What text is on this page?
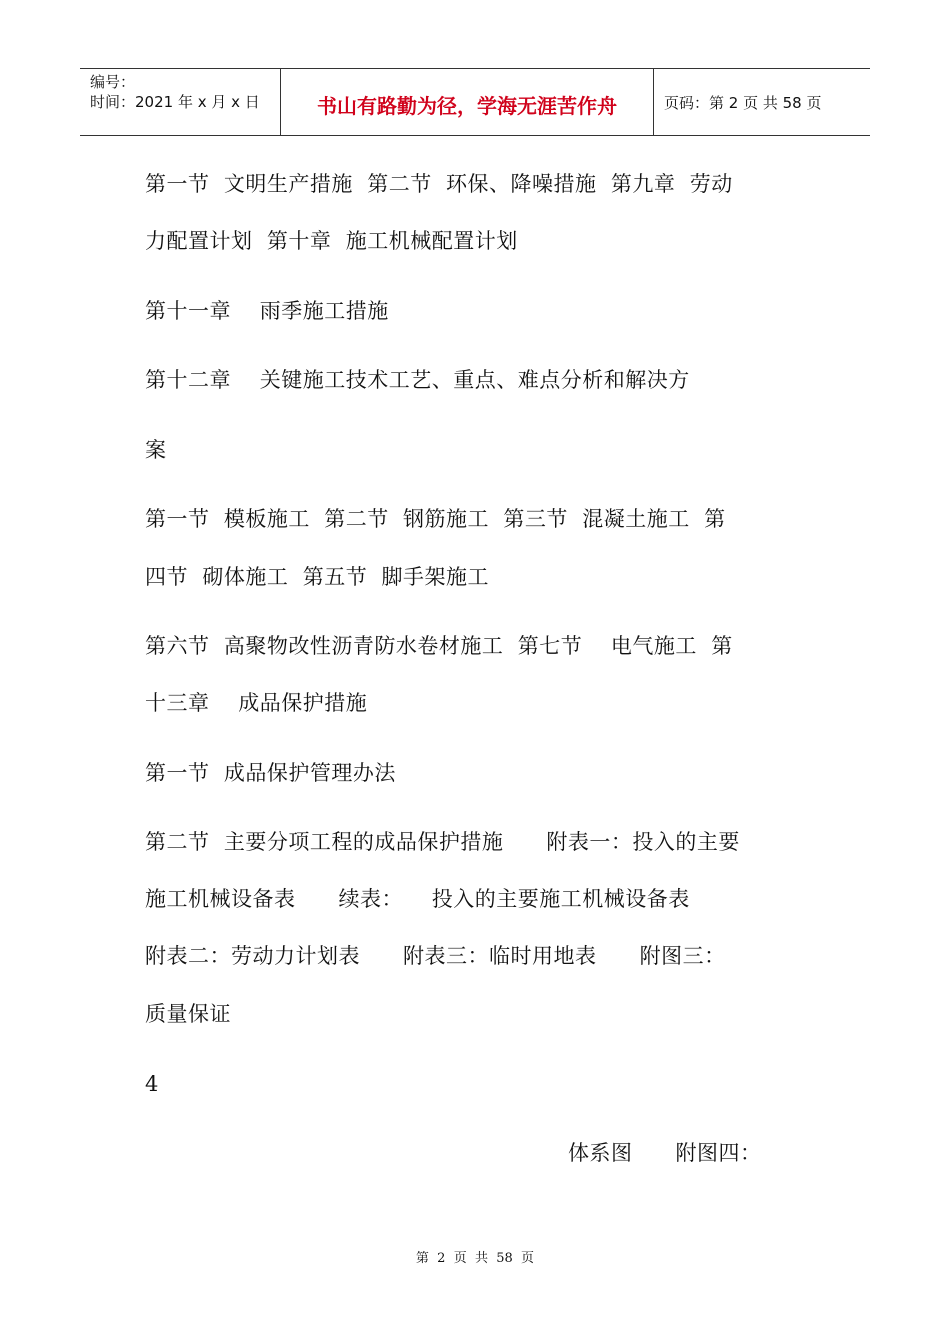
编号：
时间：2021 年 x 月 x 日	书山有路勤为径，学海无涯苦作舟	页码：第 2 页 共 58 页
第一节  文明生产措施  第二节  环保、降噪措施  第九章  劳动
力配置计划  第十章  施工机械配置计划
第十一章    雨季施工措施
第十二章    关键施工技术工艺、重点、难点分析和解决方
案
第一节  模板施工  第二节  钢筋施工  第三节  混凝土施工  第
四节  砌体施工  第五节  脚手架施工
第六节  高聚物改性沥青防水卷材施工  第七节    电气施工  第
十三章    成品保护措施
第一节  成品保护管理办法
第二节  主要分项工程的成品保护措施      附表一：投入的主要
施工机械设备表      续表：    投入的主要施工机械设备表
附表二：劳动力计划表      附表三：临时用地表      附图三：
质量保证
4
体系图      附图四：
第  2  页  共  58  页
